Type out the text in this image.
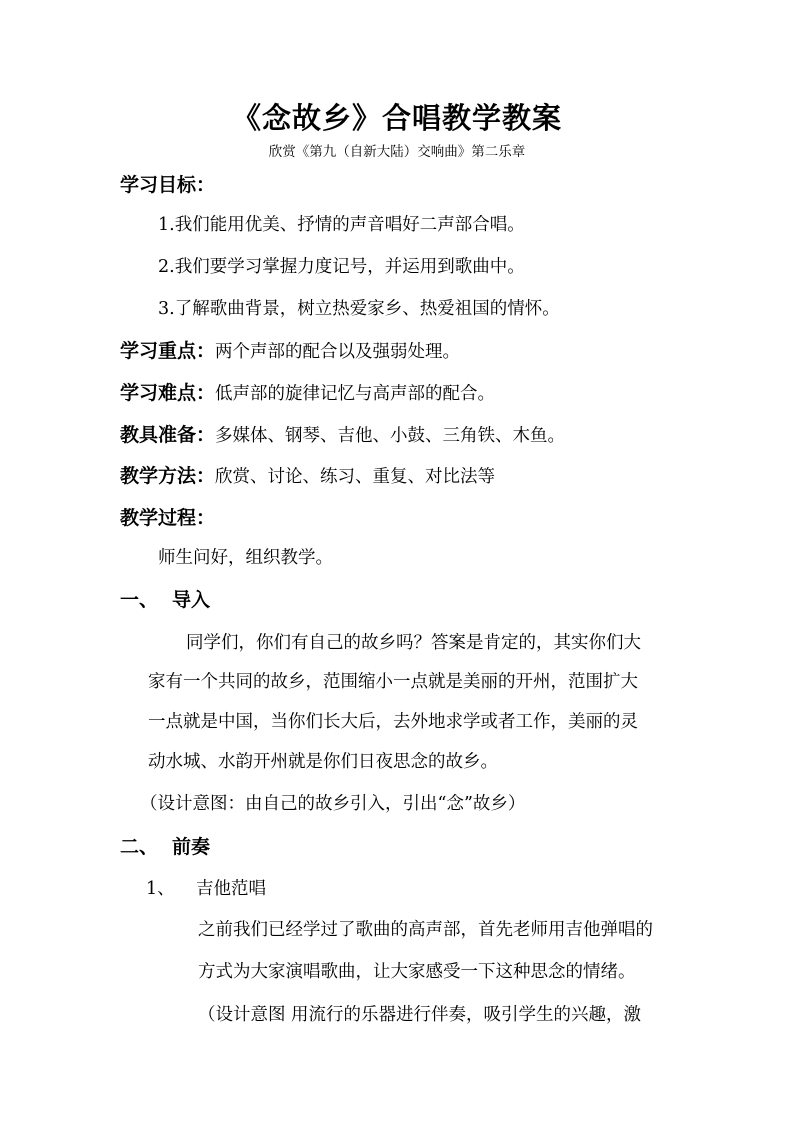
《念故乡》合唱教学教案
欣赏《第九（自新大陆）交响曲》第二乐章
学习目标：
1.我们能用优美、抒情的声音唱好二声部合唱。
2.我们要学习掌握力度记号，并运用到歌曲中。
3.了解歌曲背景，树立热爱家乡、热爱祖国的情怀。
学习重点：两个声部的配合以及强弱处理。
学习难点：低声部的旋律记忆与高声部的配合。
教具准备：多媒体、钢琴、吉他、小鼓、三角铁、木鱼。
教学方法：欣赏、讨论、练习、重复、对比法等
教学过程：
师生问好，组织教学。
一、 导入
同学们，你们有自己的故乡吗？答案是肯定的，其实你们大
家有一个共同的故乡，范围缩小一点就是美丽的开州，范围扩大
一点就是中国，当你们长大后，去外地求学或者工作，美丽的灵
动水城、水韵开州就是你们日夜思念的故乡。
（设计意图：由自己的故乡引入，引出“念”故乡）
二、 前奏
1、 吉他范唱
之前我们已经学过了歌曲的高声部，首先老师用吉他弹唱的
方式为大家演唱歌曲，让大家感受一下这种思念的情绪。
（设计意图 用流行的乐器进行伴奏，吸引学生的兴趣，激
